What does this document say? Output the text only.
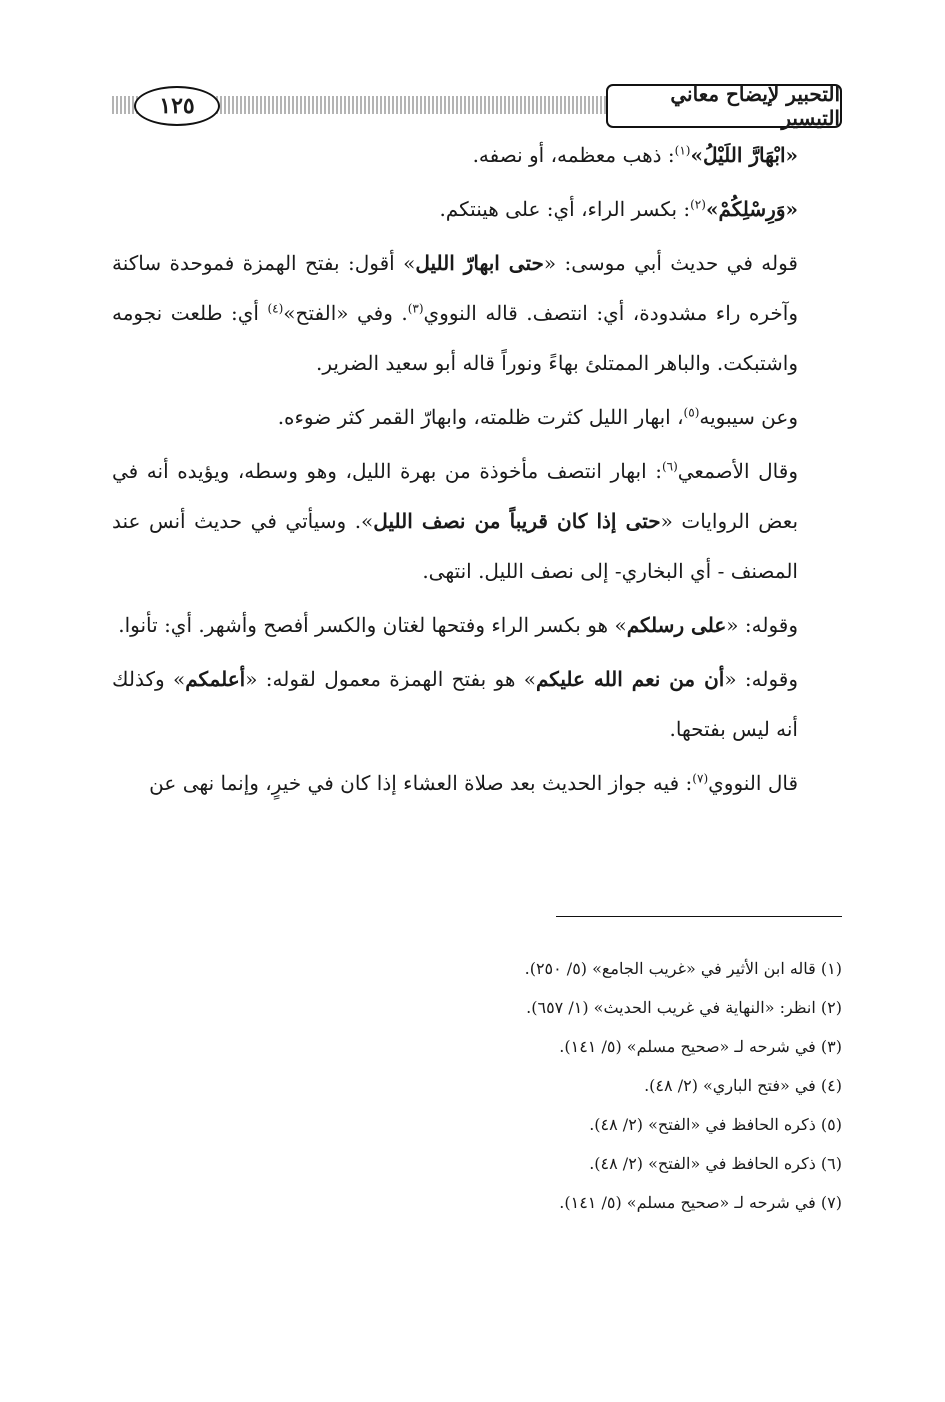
١٢٥	التحبير لإيضاح معاني التيسير

«ابْهَارَّ اللَيْلُ»$^{(١)}$: ذهب معظمه، أو نصفه.

«وَرِسْلِكُمْ»$^{(٢)}$: بكسر الراء، أي: على هينتكم.

قوله في حديث أبي موسى: «حتى ابهارّ الليل» أقول: بفتح الهمزة فموحدة ساكنة وآخره راء مشدودة، أي: انتصف. قاله النووي$^{(٣)}$. وفي «الفتح»$^{(٤)}$ أي: طلعت نجومه واشتبكت. والباهر الممتلئ بهاءً ونوراً قاله أبو سعيد الضرير.

وعن سيبويه$^{(٥)}$، ابهار الليل كثرت ظلمته، وابهارّ القمر كثر ضوءه.

وقال الأصمعي$^{(٦)}$: ابهار انتصف مأخوذة من بهرة الليل، وهو وسطه، ويؤيده أنه في بعض الروايات «حتى إذا كان قريباً من نصف الليل». وسيأتي في حديث أنس عند المصنف - أي البخاري- إلى نصف الليل. انتهى.

وقوله: «على رسلكم» هو بكسر الراء وفتحها لغتان والكسر أفصح وأشهر. أي: تأنوا.

وقوله: «أن من نعم الله عليكم» هو بفتح الهمزة معمول لقوله: «أعلمكم» وكذلك أنه ليس بفتحها.

قال النووي$^{(٧)}$: فيه جواز الحديث بعد صلاة العشاء إذا كان في خيرٍ، وإنما نهى عن

(١) قاله ابن الأثير في «غريب الجامع» (٥/ ٢٥٠).
(٢) انظر: «النهاية في غريب الحديث» (١/ ٦٥٧).
(٣) في شرحه لـ «صحيح مسلم» (٥/ ١٤١).
(٤) في «فتح الباري» (٢/ ٤٨).
(٥) ذكره الحافظ في «الفتح» (٢/ ٤٨).
(٦) ذكره الحافظ في «الفتح» (٢/ ٤٨).
(٧) في شرحه لـ «صحيح مسلم» (٥/ ١٤١).
